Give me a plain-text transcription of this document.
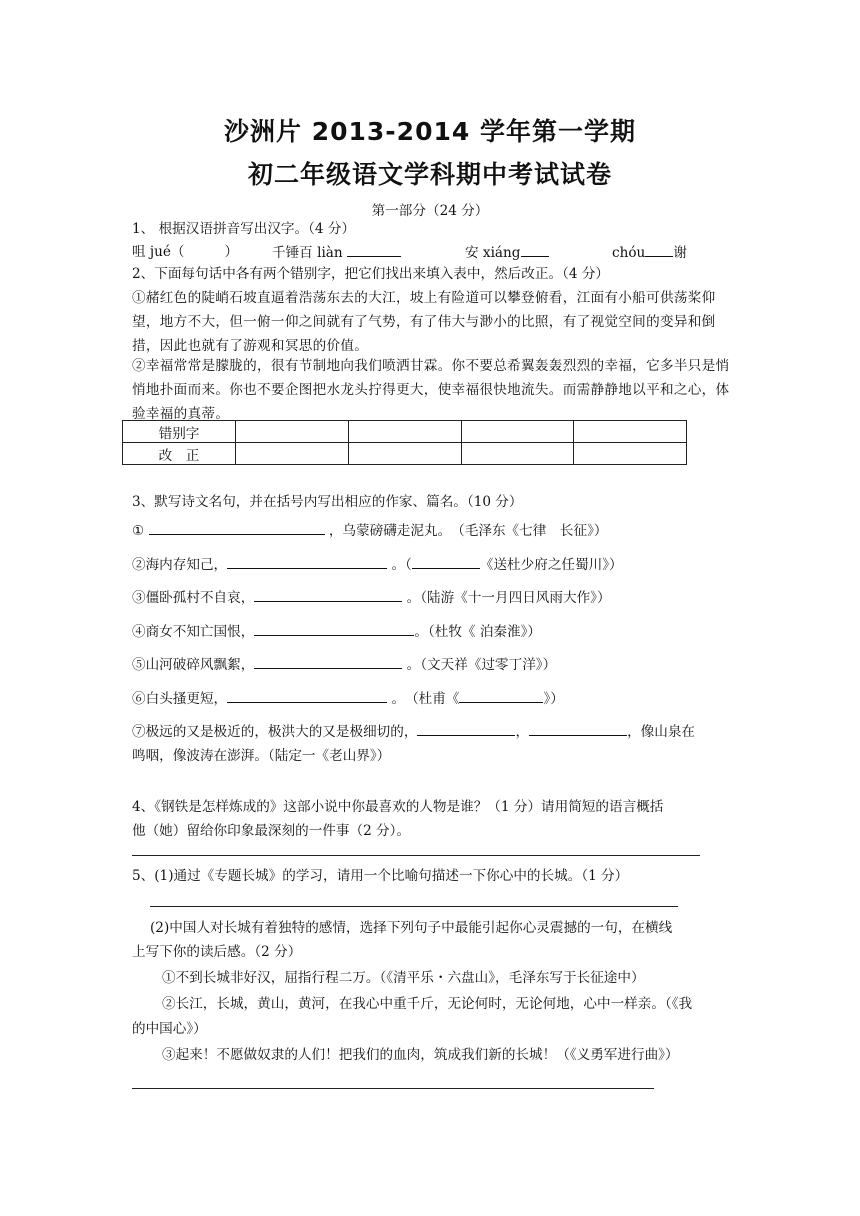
沙洲片 2013-2014 学年第一学期
初二年级语文学科期中考试试卷
第一部分（24 分）
1、 根据汉语拼音写出汉字。（4 分）
咀 jué（	） 千锤百 liàn	安 xiáng	chóu 谢
2、下面每句话中各有两个错别字，把它们找出来填入表中，然后改正。（4 分）
①赭红色的陡峭石坡直逼着浩荡东去的大江，坡上有险道可以攀登俯看，江面有小船可供荡桨仰望，地方不大，但一俯一仰之间就有了气势，有了伟大与渺小的比照，有了视觉空间的变异和倒措，因此也就有了游观和冥思的价值。
②幸福常常是朦胧的，很有节制地向我们喷洒甘霖。你不要总希翼轰轰烈烈的幸福，它多半只是悄悄地扑面而来。你也不要企图把水龙头拧得更大，使幸福很快地流失。而需静静地以平和之心，体验幸福的真蒂。
错别字				
改　正				
3、默写诗文名句，并在括号内写出相应的作家、篇名。（10 分）
①	，乌蒙磅礴走泥丸。　（毛泽东《七律　长征》）
②海内存知己，	。（	《送杜少府之任蜀川》）
③僵卧孤村不自哀，	。（陆游《十一月四日风雨大作》）
④商女不知亡国恨，	。（杜牧《 泊秦淮》）
⑤山河破碎风飘絮，	。（文天祥《过零丁洋》）
⑥白头搔更短，	。　（杜甫《	》）
⑦极远的又是极近的，极洪大的又是极细切的，	，	，像山泉在
鸣咽，像波涛在澎湃。（陆定一《老山界》）
4、《钢铁是怎样炼成的》这部小说中你最喜欢的人物是谁？（1 分）请用简短的语言概括
他（她）留给你印象最深刻的一件事（2 分）。
5、(1)通过《专题长城》的学习，请用一个比喻句描述一下你心中的长城。（1 分）
(2)中国人对长城有着独特的感情，选择下列句子中最能引起你心灵震撼的一句，在横线
上写下你的读后感。（2 分）
①不到长城非好汉，屈指行程二万。（《清平乐・六盘山》，毛泽东写于长征途中）
②长江，长城，黄山，黄河，在我心中重千斤，无论何时，无论何地，心中一样亲。（《我
的中国心》）
③起来！不愿做奴隶的人们！把我们的血肉，筑成我们新的长城！（《义勇军进行曲》）
